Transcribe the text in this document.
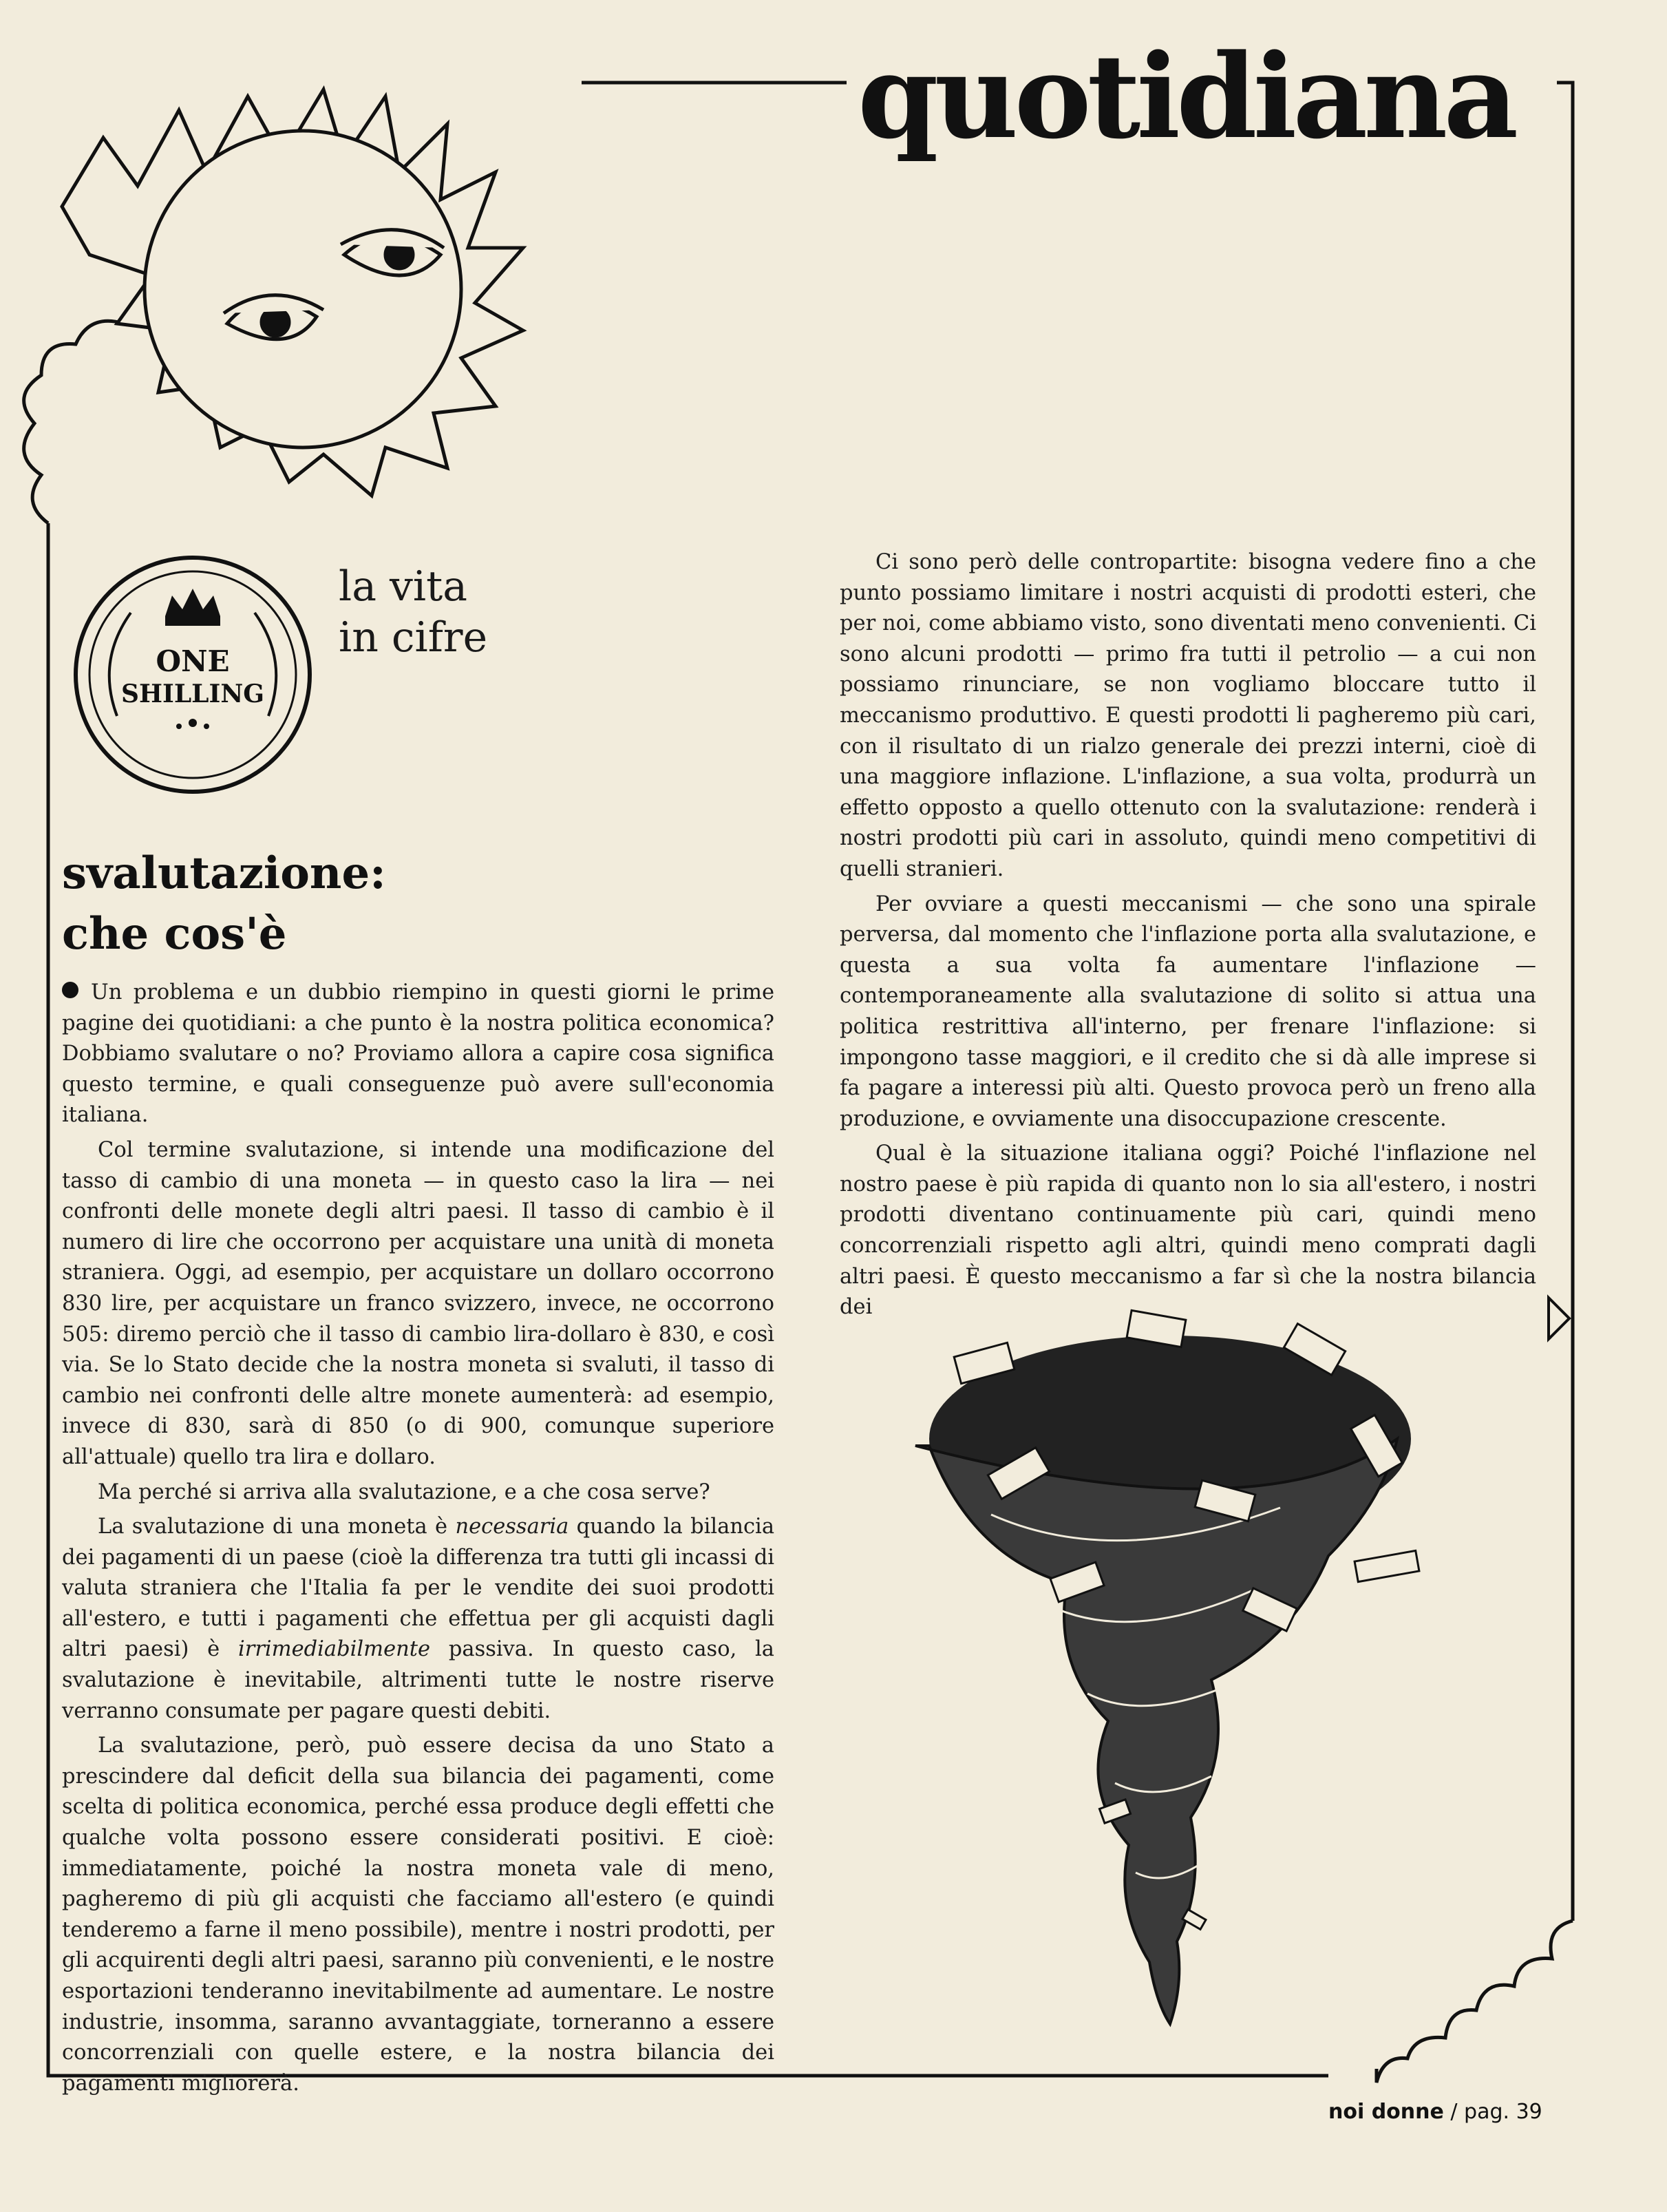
quotidiana
ONE
SHILLING
la vita
in cifre
svalutazione:
che cos'è

Un problema e un dubbio riempino in questi giorni le prime pagine dei quotidiani: a che punto è la nostra politica economica? Dobbiamo svalutare o no? Proviamo allora a capire cosa significa questo termine, e quali conseguenze può avere sull'economia italiana.

Col termine svalutazione, si intende una modificazione del tasso di cambio di una moneta — in questo caso la lira — nei confronti delle monete degli altri paesi. Il tasso di cambio è il numero di lire che occorrono per acquistare una unità di moneta straniera. Oggi, ad esempio, per acquistare un dollaro occorrono 830 lire, per acquistare un franco svizzero, invece, ne occorrono 505: diremo perciò che il tasso di cambio lira-dollaro è 830, e così via. Se lo Stato decide che la nostra moneta si svaluti, il tasso di cambio nei confronti delle altre monete aumenterà: ad esempio, invece di 830, sarà di 850 (o di 900, comunque superiore all'attuale) quello tra lira e dollaro.

Ma perché si arriva alla svalutazione, e a che cosa serve?

La svalutazione di una moneta è necessaria quando la bilancia dei pagamenti di un paese (cioè la differenza tra tutti gli incassi di valuta straniera che l'Italia fa per le vendite dei suoi prodotti all'estero, e tutti i pagamenti che effettua per gli acquisti dagli altri paesi) è irrimediabilmente passiva. In questo caso, la svalutazione è inevitabile, altrimenti tutte le nostre riserve verranno consumate per pagare questi debiti.

La svalutazione, però, può essere decisa da uno Stato a prescindere dal deficit della sua bilancia dei pagamenti, come scelta di politica economica, perché essa produce degli effetti che qualche volta possono essere considerati positivi. E cioè: immediatamente, poiché la nostra moneta vale di meno, pagheremo di più gli acquisti che facciamo all'estero (e quindi tenderemo a farne il meno possibile), mentre i nostri prodotti, per gli acquirenti degli altri paesi, saranno più convenienti, e le nostre esportazioni tenderanno inevitabilmente ad aumentare. Le nostre industrie, insomma, saranno avvantaggiate, torneranno a essere concorrenziali con quelle estere, e la nostra bilancia dei pagamenti migliorerà.

Ci sono però delle contropartite: bisogna vedere fino a che punto possiamo limitare i nostri acquisti di prodotti esteri, che per noi, come abbiamo visto, sono diventati meno convenienti. Ci sono alcuni prodotti — primo fra tutti il petrolio — a cui non possiamo rinunciare, se non vogliamo bloccare tutto il meccanismo produttivo. E questi prodotti li pagheremo più cari, con il risultato di un rialzo generale dei prezzi interni, cioè di una maggiore inflazione. L'inflazione, a sua volta, produrrà un effetto opposto a quello ottenuto con la svalutazione: renderà i nostri prodotti più cari in assoluto, quindi meno competitivi di quelli stranieri.

Per ovviare a questi meccanismi — che sono una spirale perversa, dal momento che l'inflazione porta alla svalutazione, e questa a sua volta fa aumentare l'inflazione — contemporaneamente alla svalutazione di solito si attua una politica restrittiva all'interno, per frenare l'inflazione: si impongono tasse maggiori, e il credito che si dà alle imprese si fa pagare a interessi più alti. Questo provoca però un freno alla produzione, e ovviamente una disoccupazione crescente.

Qual è la situazione italiana oggi? Poiché l'inflazione nel nostro paese è più rapida di quanto non lo sia all'estero, i nostri prodotti diventano continuamente più cari, quindi meno concorrenziali rispetto agli altri, quindi meno comprati dagli altri paesi. È questo meccanismo a far sì che la nostra bilancia dei

noi donne / pag. 39
